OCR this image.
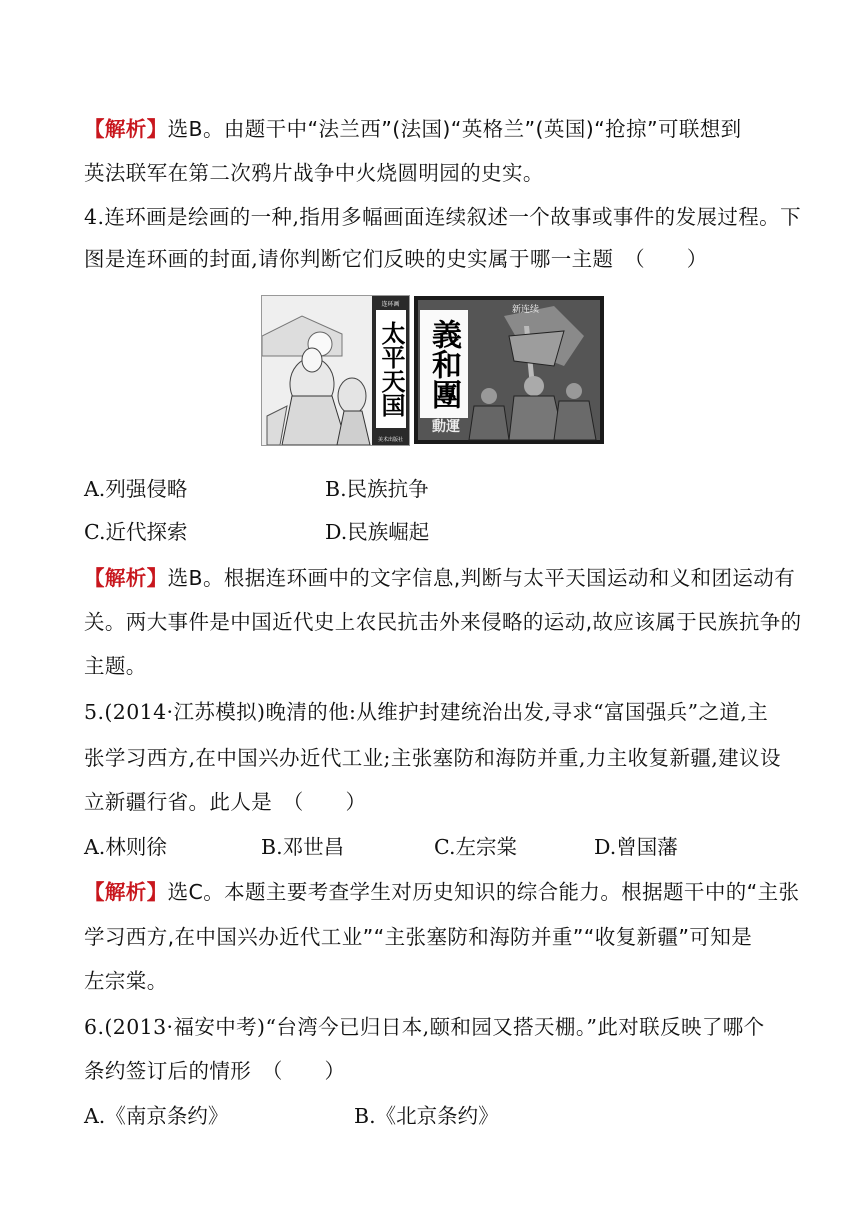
【解析】选B。由题干中“法兰西”(法国)“英格兰”(英国)“抢掠”可联想到
英法联军在第二次鸦片战争中火烧圆明园的史实。
4.连环画是绘画的一种,指用多幅画面连续叙述一个故事或事件的发展过程。下
图是连环画的封面,请你判断它们反映的史实属于哪一主题　（　　）
连环画
太平天国
美术出版社
新连续
義和團
動運
A.列强侵略	B.民族抗争
C.近代探索	D.民族崛起
【解析】选B。根据连环画中的文字信息,判断与太平天国运动和义和团运动有
关。两大事件是中国近代史上农民抗击外来侵略的运动,故应该属于民族抗争的
主题。
5.(2014·江苏模拟)晚清的他:从维护封建统治出发,寻求“富国强兵”之道,主
张学习西方,在中国兴办近代工业;主张塞防和海防并重,力主收复新疆,建议设
立新疆行省。此人是　（　　）
A.林则徐	B.邓世昌	C.左宗棠	D.曾国藩
【解析】选C。本题主要考查学生对历史知识的综合能力。根据题干中的“主张
学习西方,在中国兴办近代工业”“主张塞防和海防并重”“收复新疆”可知是
左宗棠。
6.(2013·福安中考)“台湾今已归日本,颐和园又搭天棚。”此对联反映了哪个
条约签订后的情形　（　　）
A.《南京条约》	B.《北京条约》
